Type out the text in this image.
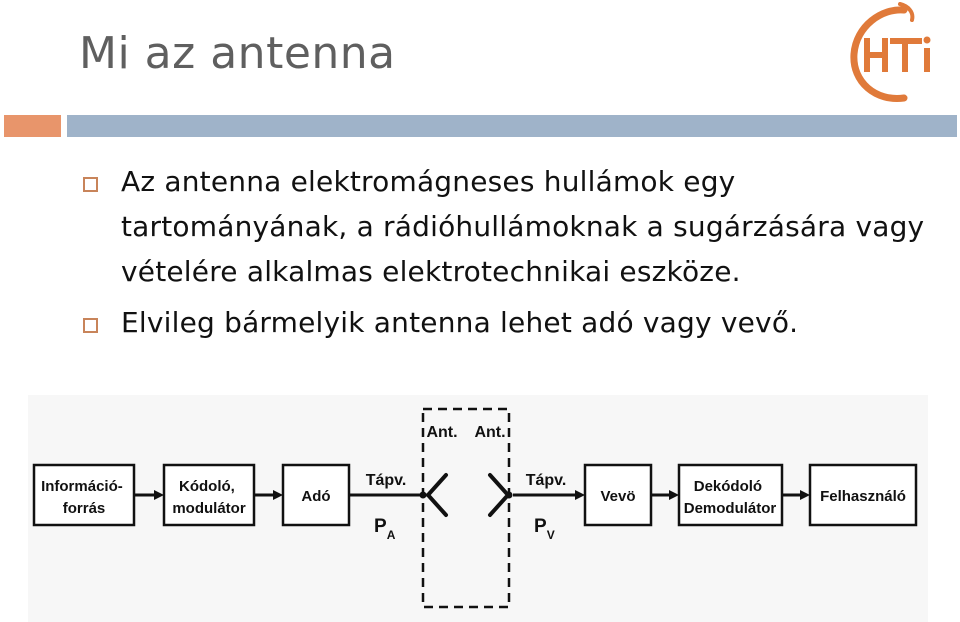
Mi az antenna
Az antenna elektromágneses hullámok egy tartományának, a rádióhullámoknak a sugárzására vagy vételére alkalmas elektrotechnikai eszköze.
Elvileg bármelyik antenna lehet adó vagy vevő.
Információ- forrás
Kódoló, modulátor
Adó	Vevö
Dekódoló Demodulátor
Felhasználó
Ant. Ant.
Tápv.	Tápv.
$P_A$	$P_V$
